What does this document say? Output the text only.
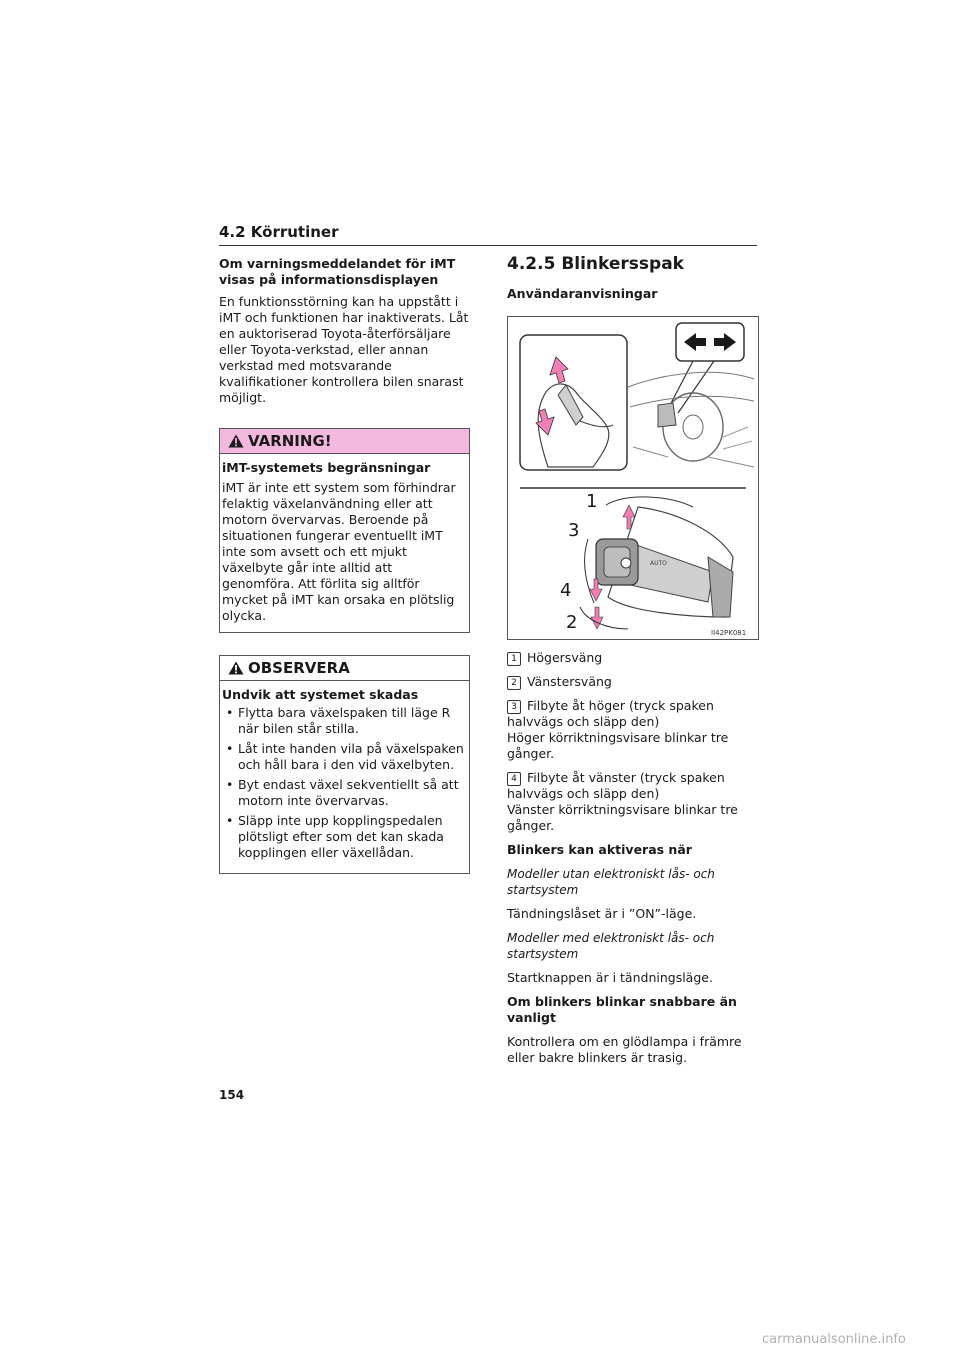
4.2 Körrutiner

Om varningsmeddelandet för iMT visas på informationsdisplayen

En funktionsstörning kan ha uppstått i iMT och funktionen har inaktiverats. Låt en auktoriserad Toyota-återförsäljare eller Toyota-verkstad, eller annan verkstad med motsvarande kvalifikationer kontrollera bilen snarast möjligt.

VARNING!

iMT-systemets begränsningar

iMT är inte ett system som förhindrar felaktig växelanvändning eller att motorn övervarvas. Beroende på situationen fungerar eventuellt iMT inte som avsett och ett mjukt växelbyte går inte alltid att genomföra. Att förlita sig alltför mycket på iMT kan orsaka en plötslig olycka.

OBSERVERA

Undvik att systemet skadas

• Flytta bara växelspaken till läge R när bilen står stilla.
• Låt inte handen vila på växelspaken och håll bara i den vid växelbyten.
• Byt endast växel sekventiellt så att motorn inte övervarvas.
• Släpp inte upp kopplingspedalen plötsligt efter som det kan skada kopplingen eller växellådan.
4.2.5 Blinkersspak

Användaranvisningar

AUTO
1
3
4
2	II42PK081

1 Högersväng

2 Vänstersväng

3 Filbyte åt höger (tryck spaken halvvägs och släpp den)
Höger körriktningsvisare blinkar tre gånger.

4 Filbyte åt vänster (tryck spaken halvvägs och släpp den)
Vänster körriktningsvisare blinkar tre gånger.

Blinkers kan aktiveras när

Modeller utan elektroniskt lås- och startsystem

Tändningslåset är i ”ON”-läge.

Modeller med elektroniskt lås- och startsystem

Startknappen är i tändningsläge.

Om blinkers blinkar snabbare än vanligt

Kontrollera om en glödlampa i främre eller bakre blinkers är trasig.

154
carmanualsonline.info
